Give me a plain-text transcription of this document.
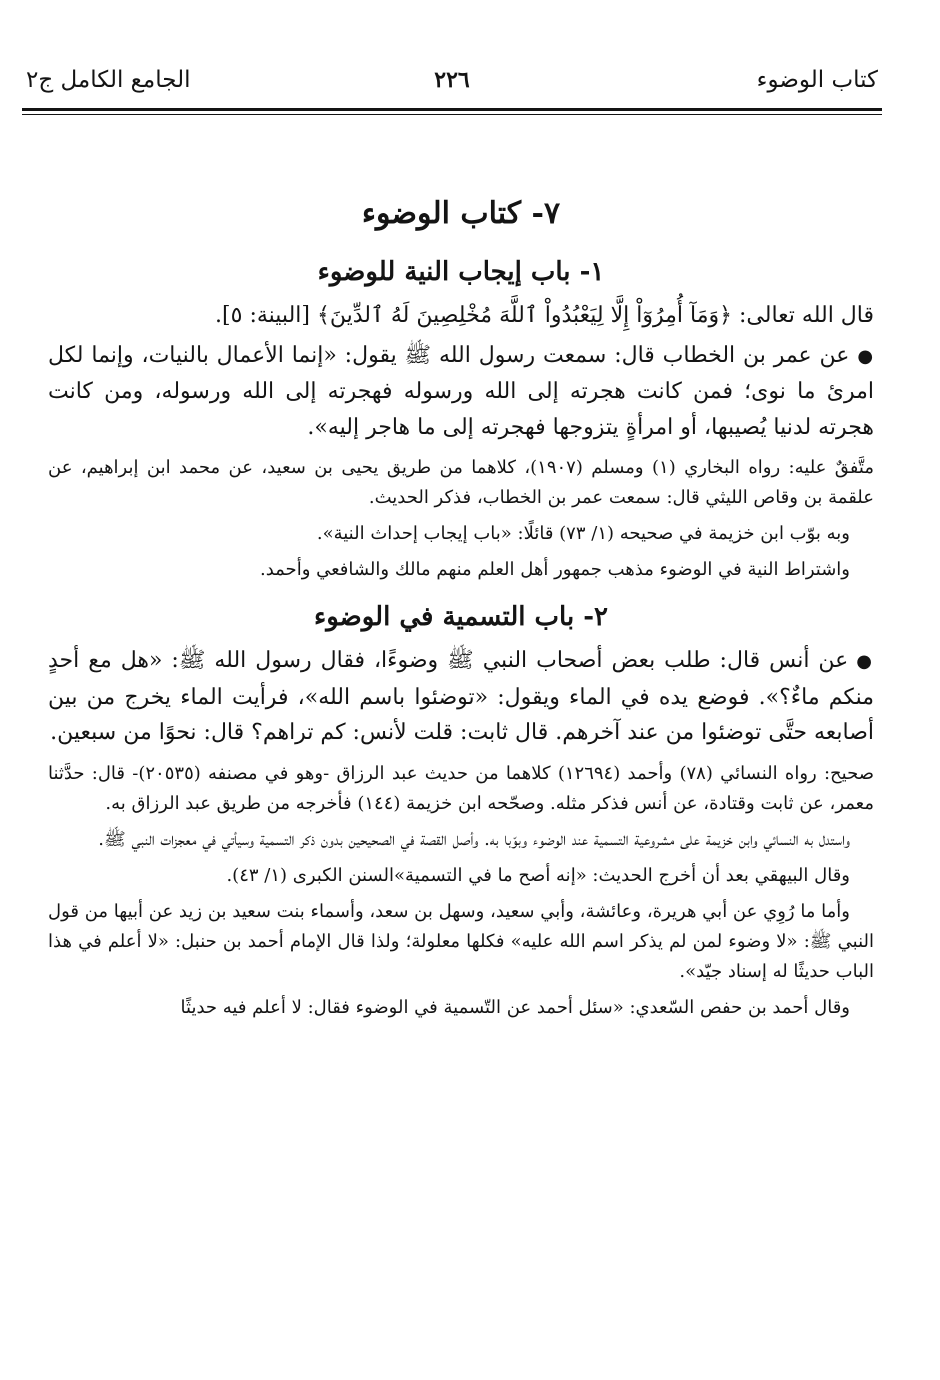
كتاب الوضوء
٢٢٦
الجامع الكامل ج٢
٧- كتاب الوضوء
١- باب إيجاب النية للوضوء

قال الله تعالى: ﴿وَمَآ أُمِرُوٓاْ إِلَّا لِيَعْبُدُواْ ٱللَّهَ مُخْلِصِينَ لَهُ ٱلدِّينَ﴾ [البينة: ٥].

●عن عمر بن الخطاب قال: سمعت رسول الله ﷺ يقول: «إنما الأعمال بالنيات، وإنما لكل امرئ ما نوى؛ فمن كانت هجرته إلى الله ورسوله فهجرته إلى الله ورسوله، ومن كانت هجرته لدنيا يُصيبها، أو امرأةٍ يتزوجها فهجرته إلى ما هاجر إليه».

متَّفقٌ عليه: رواه البخاري (١) ومسلم (١٩٠٧)، كلاهما من طريق يحيى بن سعيد، عن محمد ابن إبراهيم، عن علقمة بن وقاص الليثي قال: سمعت عمر بن الخطاب، فذكر الحديث.

وبه بوّب ابن خزيمة في صحيحه (١/ ٧٣) قائلًا: «باب إيجاب إحداث النية».

واشتراط النية في الوضوء مذهب جمهور أهل العلم منهم مالك والشافعي وأحمد.

٢- باب التسمية في الوضوء

●عن أنس قال: طلب بعض أصحاب النبي ﷺ وضوءًا، فقال رسول الله ﷺ: «هل مع أحدٍ منكم ماءٌ؟». فوضع يده في الماء ويقول: «توضئوا باسم الله»، فرأيت الماء يخرج من بين أصابعه حتَّى توضئوا من عند آخرهم. قال ثابت: قلت لأنس: كم تراهم؟ قال: نحوًا من سبعين.

صحيح: رواه النسائي (٧٨) وأحمد (١٢٦٩٤) كلاهما من حديث عبد الرزاق -وهو في مصنفه (٢٠٥٣٥)- قال: حدَّثنا معمر، عن ثابت وقتادة، عن أنس فذكر مثله. وصحّحه ابن خزيمة (١٤٤) فأخرجه من طريق عبد الرزاق به.

واستدل به النسائي وابن خزيمة على مشروعية التسمية عند الوضوء وبوّبا به. وأصل القصة في الصحيحين بدون ذكر التسمية وسيأتي في معجزات النبي ﷺ.

وقال البيهقي بعد أن أخرج الحديث: «إنه أصح ما في التسمية»السنن الكبرى (١/ ٤٣).

وأما ما رُوِي عن أبي هريرة، وعائشة، وأبي سعيد، وسهل بن سعد، وأسماء بنت سعيد بن زيد عن أبيها من قول النبي ﷺ: «لا وضوء لمن لم يذكر اسم الله عليه» فكلها معلولة؛ ولذا قال الإمام أحمد بن حنبل: «لا أعلم في هذا الباب حديثًا له إسناد جيّد».

وقال أحمد بن حفص السّعدي: «سئل أحمد عن التّسمية في الوضوء فقال: لا أعلم فيه حديثًا
